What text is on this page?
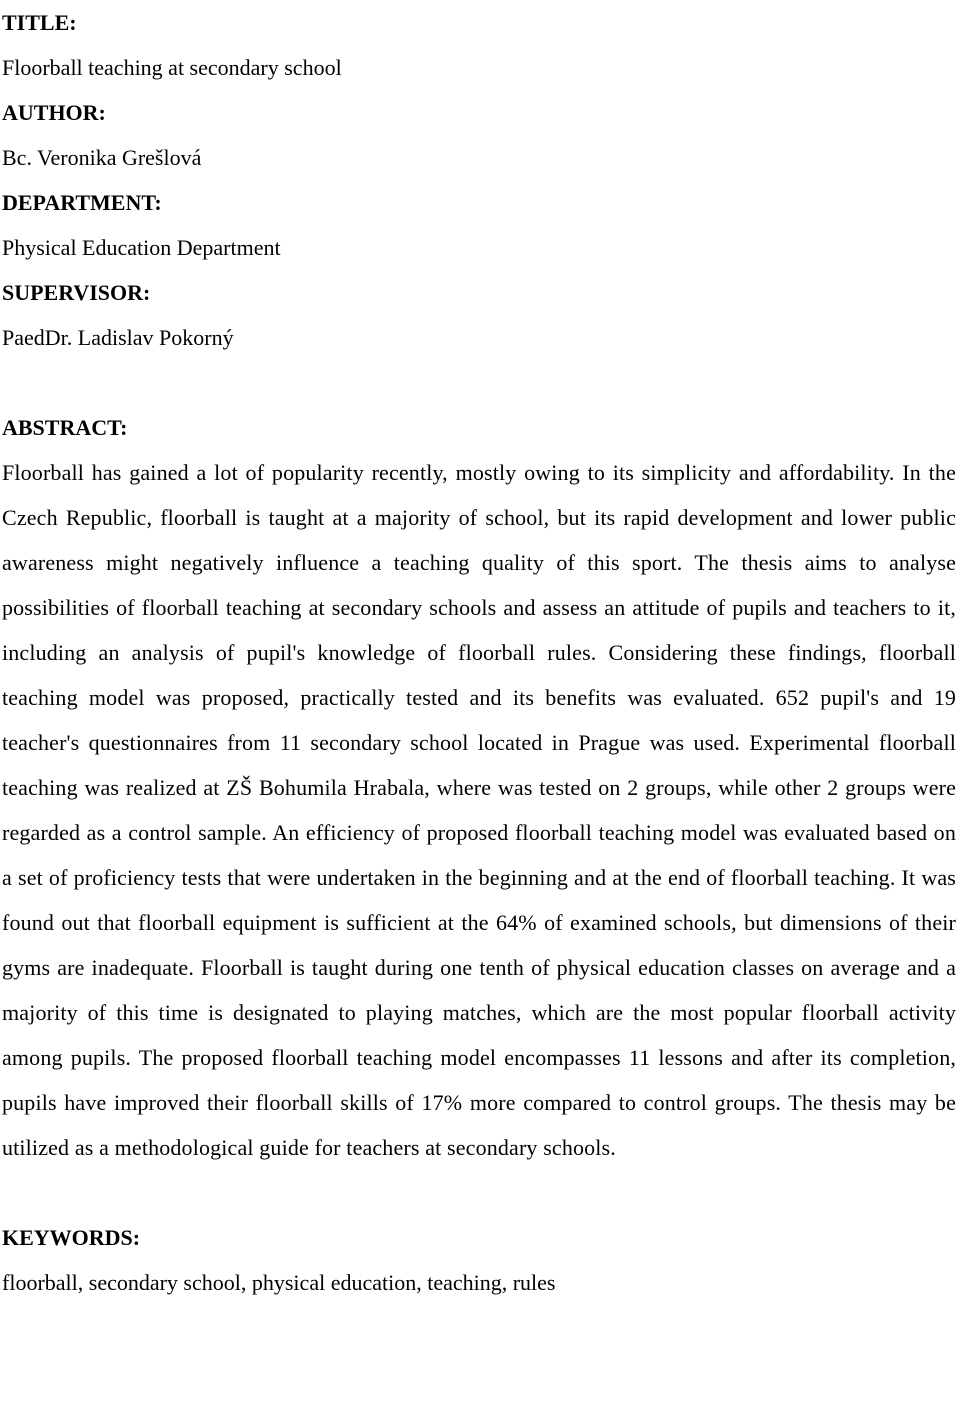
TITLE:

Floorball teaching at secondary school

AUTHOR:

Bc. Veronika Grešlová

DEPARTMENT:

Physical Education Department

SUPERVISOR:

PaedDr. Ladislav Pokorný

ABSTRACT:

Floorball has gained a lot of popularity recently, mostly owing to its simplicity and affordability. In the Czech Republic, floorball is taught at a majority of school, but its rapid development and lower public awareness might negatively influence a teaching quality of this sport. The thesis aims to analyse possibilities of floorball teaching at secondary schools and assess an attitude of pupils and teachers to it, including an analysis of pupil's knowledge of floorball rules. Considering these findings, floorball teaching model was proposed, practically tested and its benefits was evaluated. 652 pupil's and 19 teacher's questionnaires from 11 secondary school located in Prague was used. Experimental floorball teaching was realized at ZŠ Bohumila Hrabala, where was tested on 2 groups, while other 2 groups were regarded as a control sample. An efficiency of proposed floorball teaching model was evaluated based on a set of proficiency tests that were undertaken in the beginning and at the end of floorball teaching. It was found out that floorball equipment is sufficient at the 64% of examined schools, but dimensions of their gyms are inadequate. Floorball is taught during one tenth of physical education classes on average and a majority of this time is designated to playing matches, which are the most popular floorball activity among pupils. The proposed floorball teaching model encompasses 11 lessons and after its completion, pupils have improved their floorball skills of 17% more compared to control groups. The thesis may be utilized as a methodological guide for teachers at secondary schools.

KEYWORDS:

floorball, secondary school, physical education, teaching, rules
